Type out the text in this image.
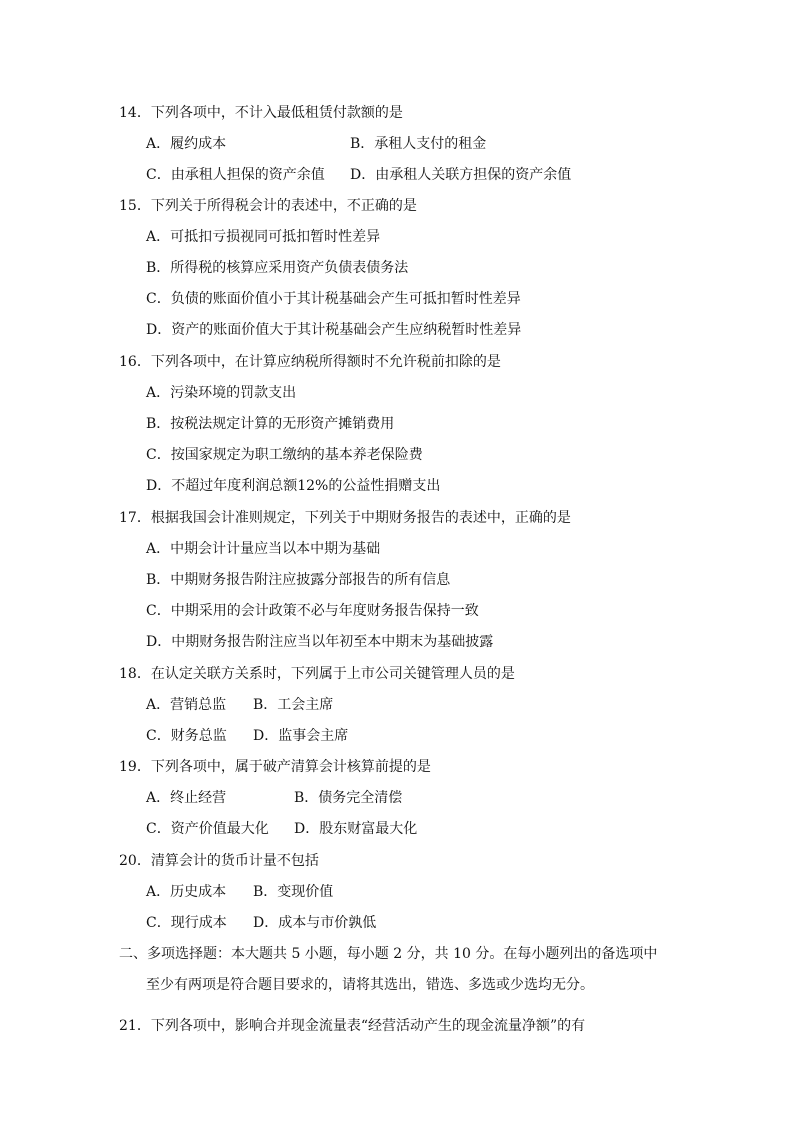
14．下列各项中，不计入最低租赁付款额的是
A．履约成本	B．承租人支付的租金
C．由承租人担保的资产余值 D．由承租人关联方担保的资产余值
15．下列关于所得税会计的表述中，不正确的是
A．可抵扣亏损视同可抵扣暂时性差异
B．所得税的核算应采用资产负债表债务法
C．负债的账面价值小于其计税基础会产生可抵扣暂时性差异
D．资产的账面价值大于其计税基础会产生应纳税暂时性差异
16．下列各项中，在计算应纳税所得额时不允许税前扣除的是
A．污染环境的罚款支出
B．按税法规定计算的无形资产摊销费用
C．按国家规定为职工缴纳的基本养老保险费
D．不超过年度利润总额12%的公益性捐赠支出
17．根据我国会计准则规定，下列关于中期财务报告的表述中，正确的是
A．中期会计计量应当以本中期为基础
B．中期财务报告附注应披露分部报告的所有信息
C．中期采用的会计政策不必与年度财务报告保持一致
D．中期财务报告附注应当以年初至本中期末为基础披露
18．在认定关联方关系时，下列属于上市公司关键管理人员的是
A．营销总监 B．工会主席
C．财务总监 D．监事会主席
19．下列各项中，属于破产清算会计核算前提的是
A．终止经营	B．债务完全清偿
C．资产价值最大化 D．股东财富最大化
20．清算会计的货币计量不包括
A．历史成本 B．变现价值
C．现行成本 D．成本与市价孰低
二、多项选择题：本大题共 5 小题，每小题 2 分，共 10 分。在每小题列出的备选项中
至少有两项是符合题目要求的，请将其选出，错选、多选或少选均无分。
21．下列各项中，影响合并现金流量表“经营活动产生的现金流量净额”的有
